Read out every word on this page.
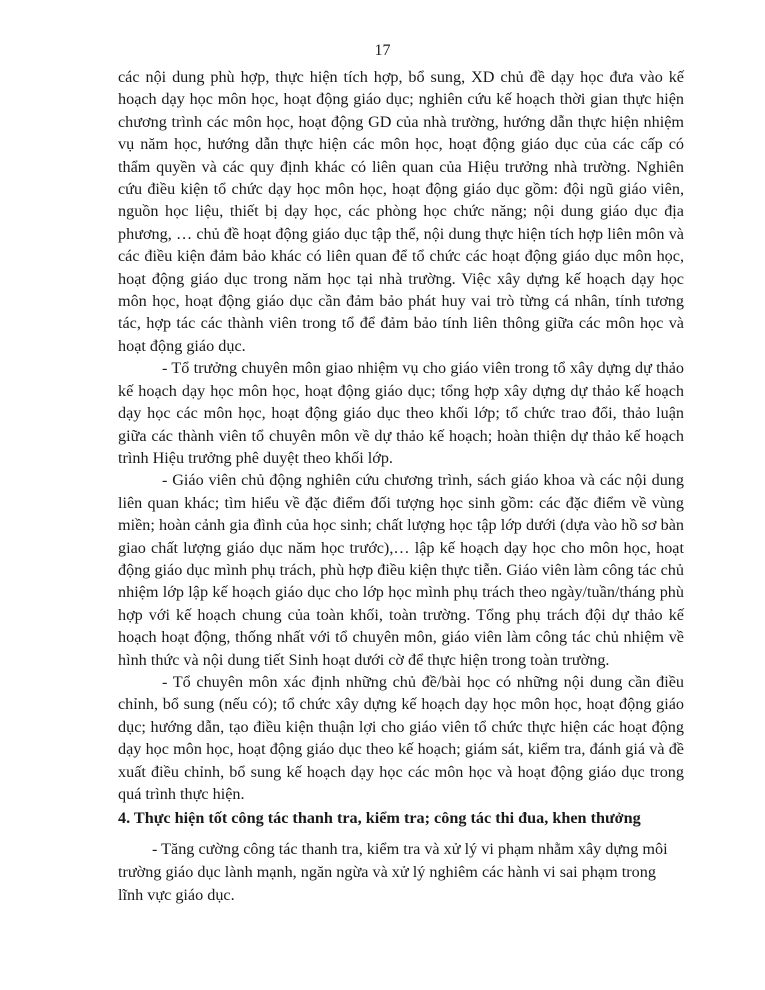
17

các nội dung phù hợp, thực hiện tích hợp, bổ sung, XD chủ đề dạy học đưa vào kế hoạch dạy học môn học, hoạt động giáo dục; nghiên cứu kế hoạch thời gian thực hiện chương trình các môn học, hoạt động GD của nhà trường, hướng dẫn thực hiện nhiệm vụ năm học, hướng dẫn thực hiện các môn học, hoạt động giáo dục của các cấp có thẩm quyền và các quy định khác có liên quan của Hiệu trưởng nhà trường. Nghiên cứu điều kiện tổ chức dạy học môn học, hoạt động giáo dục gồm: đội ngũ giáo viên, nguồn học liệu, thiết bị dạy học, các phòng học chức năng; nội dung giáo dục địa phương, … chủ đề hoạt động giáo dục tập thể, nội dung thực hiện tích hợp liên môn và các điều kiện đảm bảo khác có liên quan để tổ chức các hoạt động giáo dục môn học, hoạt động giáo dục trong năm học tại nhà trường. Việc xây dựng kế hoạch dạy học môn học, hoạt động giáo dục cần đảm bảo phát huy vai trò từng cá nhân, tính tương tác, hợp tác các thành viên trong tổ để đảm bảo tính liên thông giữa các môn học và hoạt động giáo dục.

- Tổ trưởng chuyên môn giao nhiệm vụ cho giáo viên trong tổ xây dựng dự thảo kế hoạch dạy học môn học, hoạt động giáo dục; tổng hợp xây dựng dự thảo kế hoạch dạy học các môn học, hoạt động giáo dục theo khối lớp; tổ chức trao đổi, thảo luận giữa các thành viên tổ chuyên môn về dự thảo kế hoạch; hoàn thiện dự thảo kế hoạch trình Hiệu trưởng phê duyệt theo khối lớp.

- Giáo viên chủ động nghiên cứu chương trình, sách giáo khoa và các nội dung liên quan khác; tìm hiểu về đặc điểm đối tượng học sinh gồm: các đặc điểm về vùng miền; hoàn cảnh gia đình của học sinh; chất lượng học tập lớp dưới (dựa vào hồ sơ bàn giao chất lượng giáo dục năm học trước),… lập kế hoạch dạy học cho môn học, hoạt động giáo dục mình phụ trách, phù hợp điều kiện thực tiễn. Giáo viên làm công tác chủ nhiệm lớp lập kế hoạch giáo dục cho lớp học mình phụ trách theo ngày/tuần/tháng phù hợp với kế hoạch chung của toàn khối, toàn trường. Tổng phụ trách đội dự thảo kế hoạch hoạt động, thống nhất với tổ chuyên môn, giáo viên làm công tác chủ nhiệm về hình thức và nội dung tiết Sinh hoạt dưới cờ để thực hiện trong toàn trường.

- Tổ chuyên môn xác định những chủ đề/bài học có những nội dung cần điều chỉnh, bổ sung (nếu có); tổ chức xây dựng kế hoạch dạy học môn học, hoạt động giáo dục; hướng dẫn, tạo điều kiện thuận lợi cho giáo viên tổ chức thực hiện các hoạt động dạy học môn học, hoạt động giáo dục theo kế hoạch; giám sát, kiểm tra, đánh giá và đề xuất điều chỉnh, bổ sung kế hoạch dạy học các môn học và hoạt động giáo dục trong quá trình thực hiện.

4. Thực hiện tốt công tác thanh tra, kiểm tra; công tác thi đua, khen thưởng

- Tăng cường công tác thanh tra, kiểm tra và xử lý vi phạm nhằm xây dựng môi trường giáo dục lành mạnh, ngăn ngừa và xử lý nghiêm các hành vi sai phạm trong lĩnh vực giáo dục.
